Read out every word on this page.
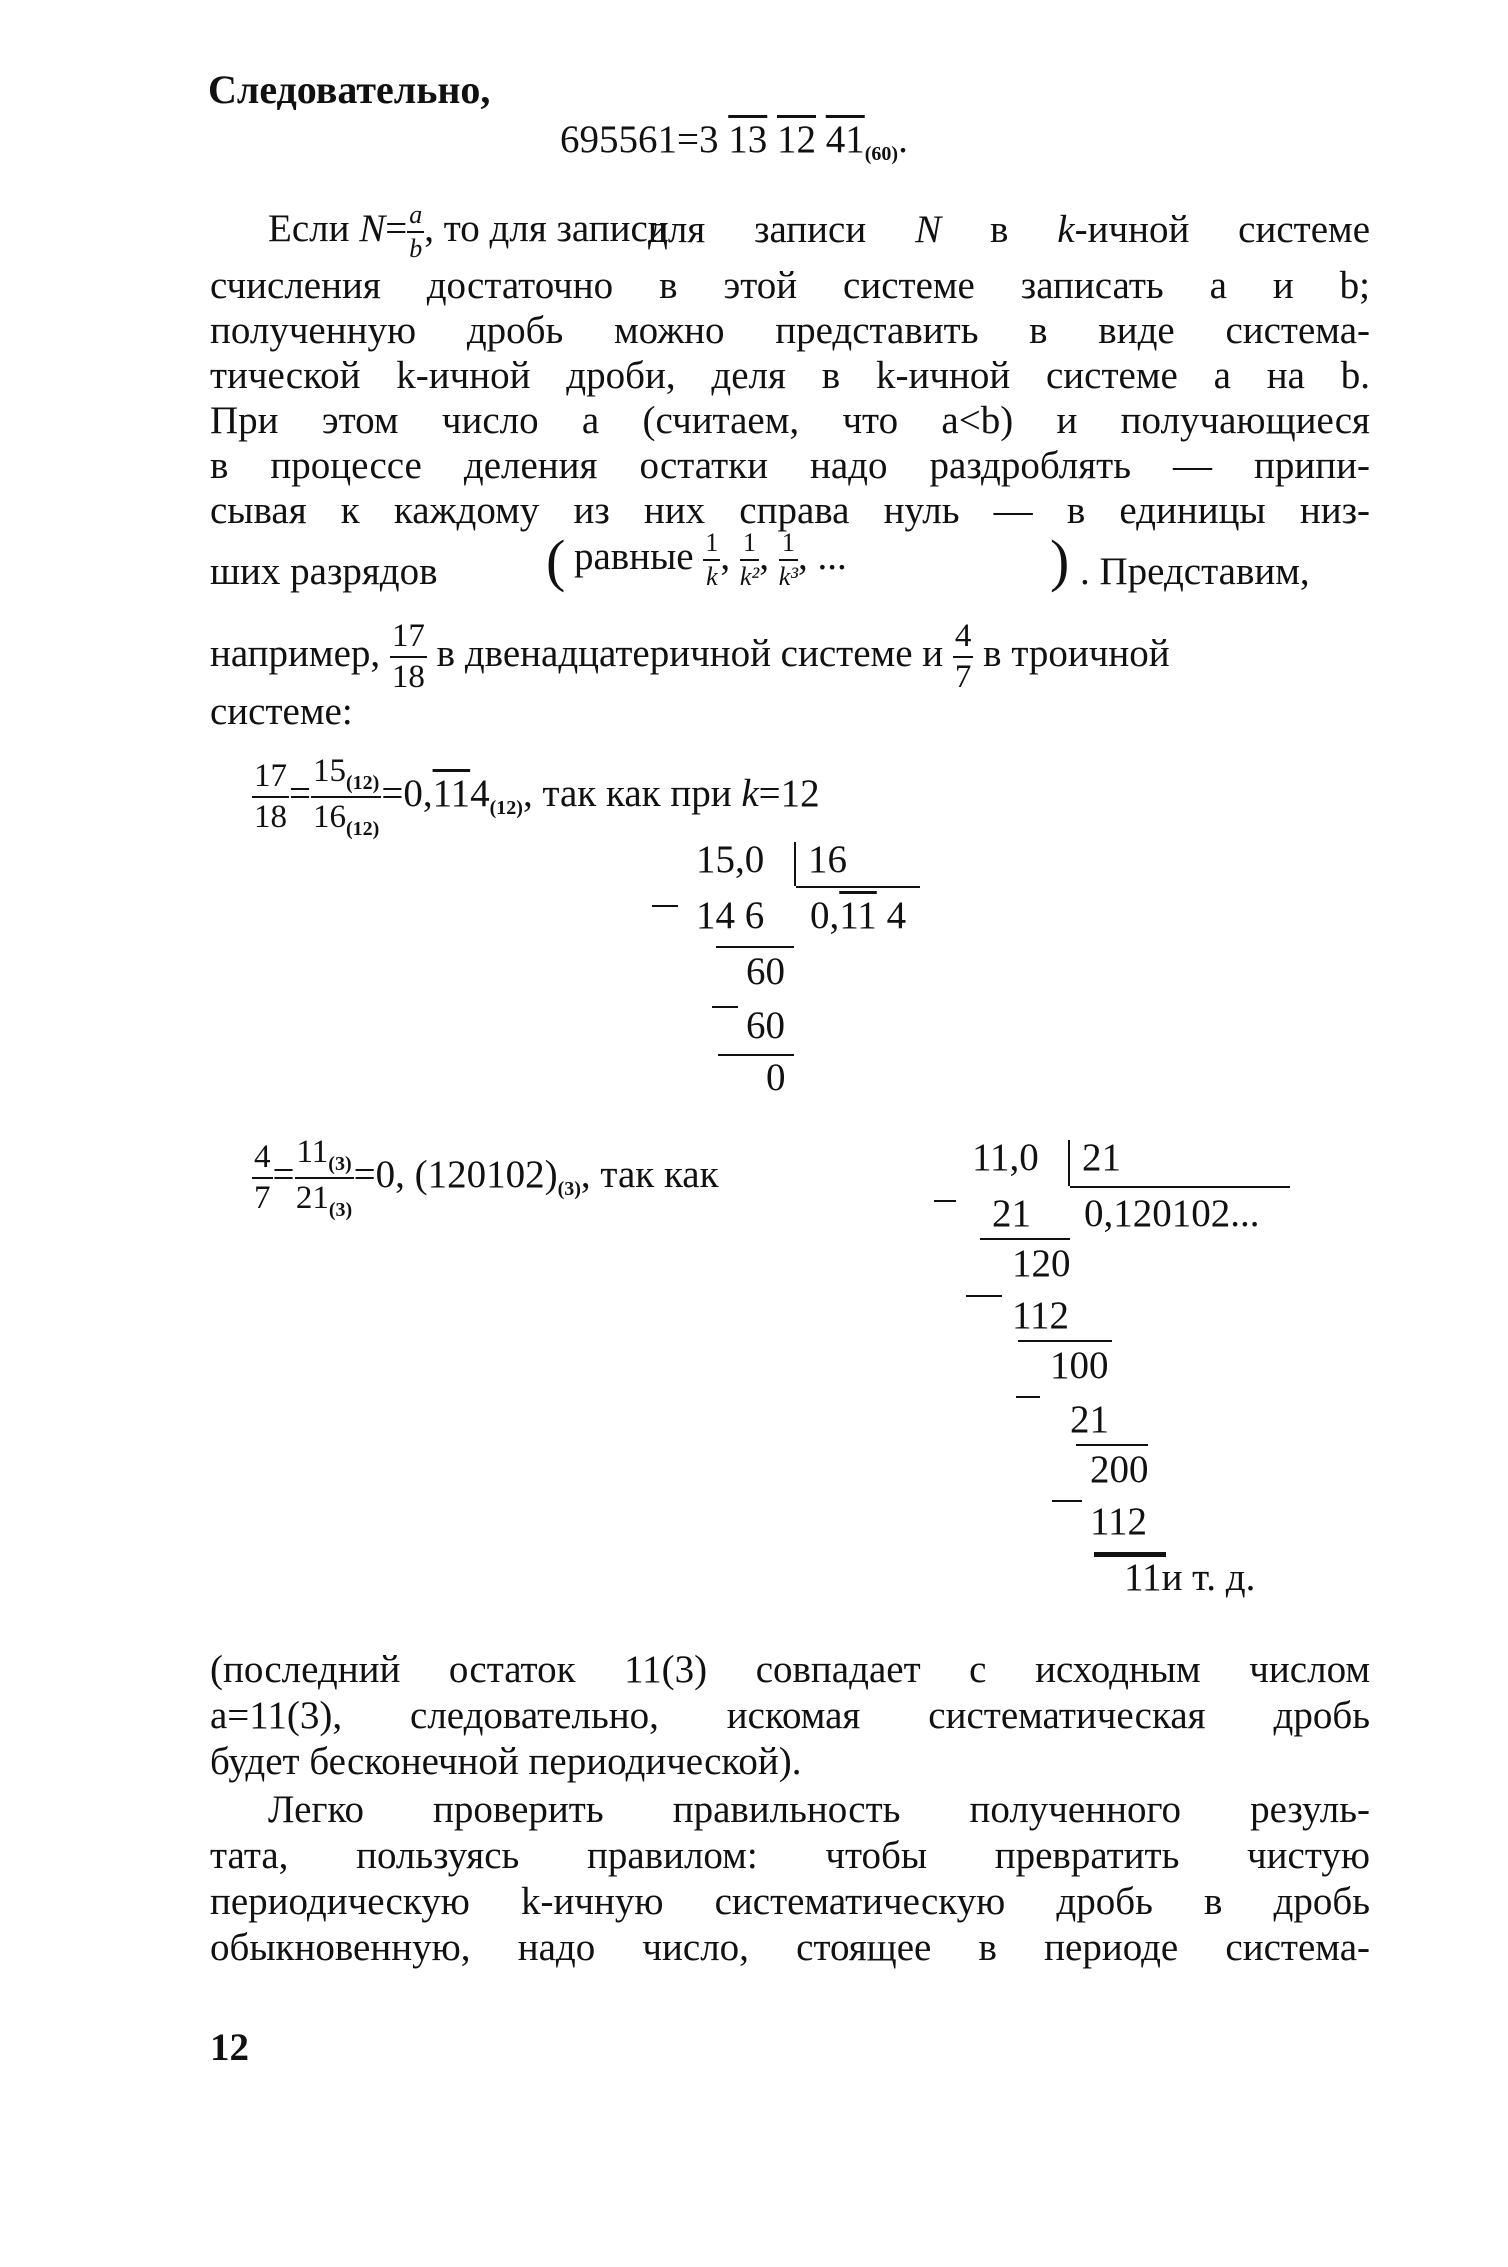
Следовательно,
695561=3 13 12 $41_{(60)}$.
Если $N= \frac{a}{b}$ , то для записи
для записи N в k-ичной системе
счисления достаточно в этой системе записать a и b;
полученную дробь можно представить в виде система-
тической k-ичной дроби, деля в k-ичной системе a на b.
При этом число a (считаем, что a<b) и получающиеся
в процессе деления остатки надо раздроблять — припи-
сывая к каждому из них справа нуль — в единицы низ-
ших разрядов ( равные $\frac{1}{k}$ , $\frac{1}{\text{k²}}$ , $\frac{1}{\text{k³}}$ , ...	) . Представим,
например, $\frac{17}{18}$ в двенадцатеричной системе и $\frac{4}{7}$ в троичной
системе:
$\frac{17}{18} = \frac{15_{(12)}}{16_{(12)}} =0,114_{(12)}$, так как при k=12
15,0 16
14 6 0,11 4
60
60
0
$\frac{4}{7} = \frac{11_{(3)}}{21_{(3)}} =0$, $(120102)_{(3)}$, так как	11,0 21
21 0,120102...
120
112
100
21
200
112
11и т. д.
(последний остаток 11(3) совпадает с исходным числом
a=11(3), следовательно, искомая систематическая дробь
будет бесконечной периодической).
Легко проверить правильность полученного резуль-
тата, пользуясь правилом: чтобы превратить чистую
периодическую k-ичную систематическую дробь в дробь
обыкновенную, надо число, стоящее в периоде система-
12
